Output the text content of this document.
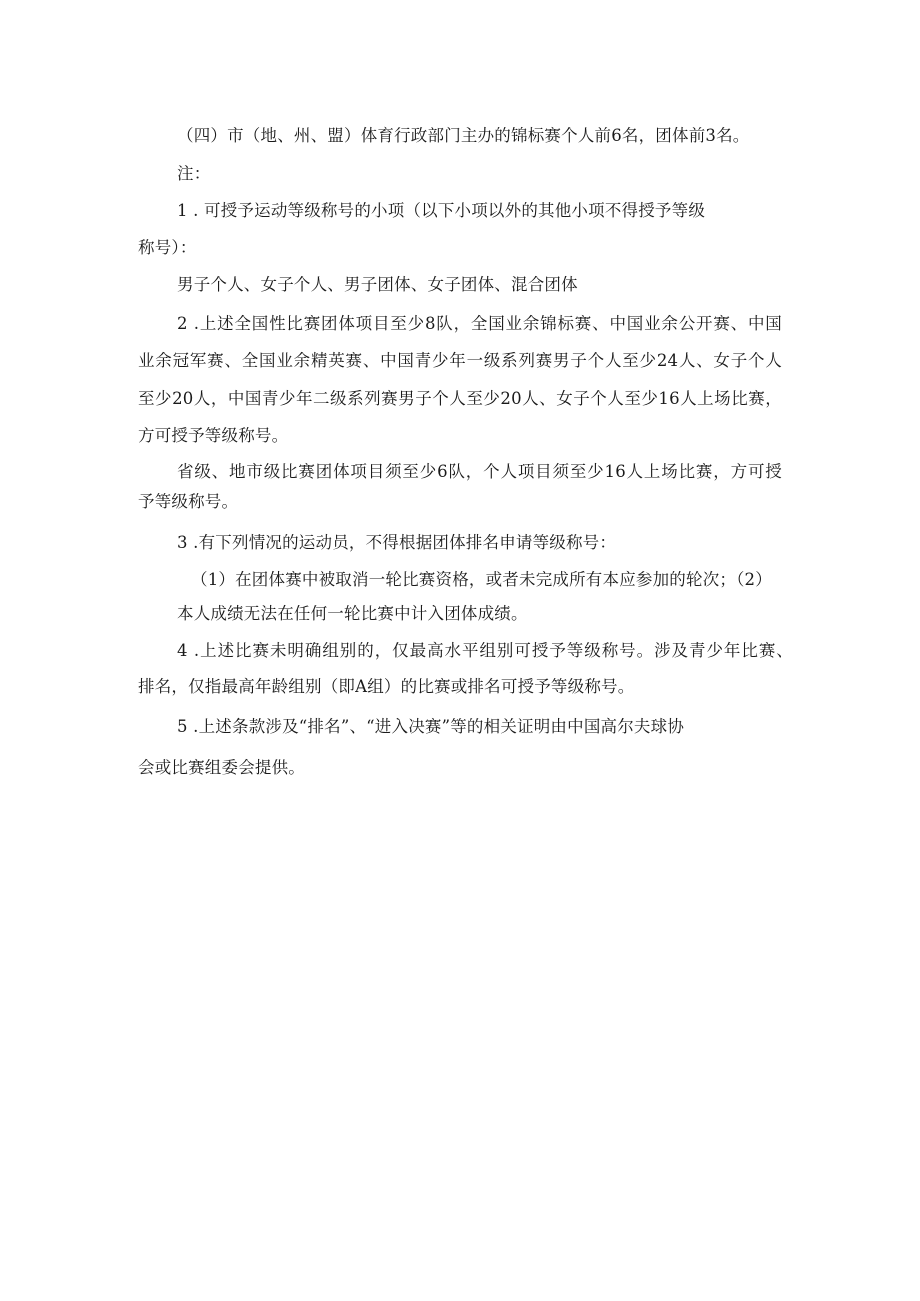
（四）市（地、州、盟）体育行政部门主办的锦标赛个人前6名，团体前3名。
注：
1 . 可授予运动等级称号的小项（以下小项以外的其他小项不得授予等级
称号）：
男子个人、女子个人、男子团体、女子团体、混合团体
2 .上述全国性比赛团体项目至少8队，全国业余锦标赛、中国业余公开赛、中国
业余冠军赛、全国业余精英赛、中国青少年一级系列赛男子个人至少24人、女子个人
至少20人，中国青少年二级系列赛男子个人至少20人、女子个人至少16人上场比赛，
方可授予等级称号。
省级、地市级比赛团体项目须至少6队，个人项目须至少16人上场比赛，方可授
予等级称号。
3 .有下列情况的运动员，不得根据团体排名申请等级称号：
（1）在团体赛中被取消一轮比赛资格，或者未完成所有本应参加的轮次；（2）
本人成绩无法在任何一轮比赛中计入团体成绩。
4 .上述比赛未明确组别的，仅最高水平组别可授予等级称号。涉及青少年比赛、
排名，仅指最高年龄组别（即A组）的比赛或排名可授予等级称号。
5 .上述条款涉及“排名”、“进入决赛”等的相关证明由中国高尔夫球协
会或比赛组委会提供。
